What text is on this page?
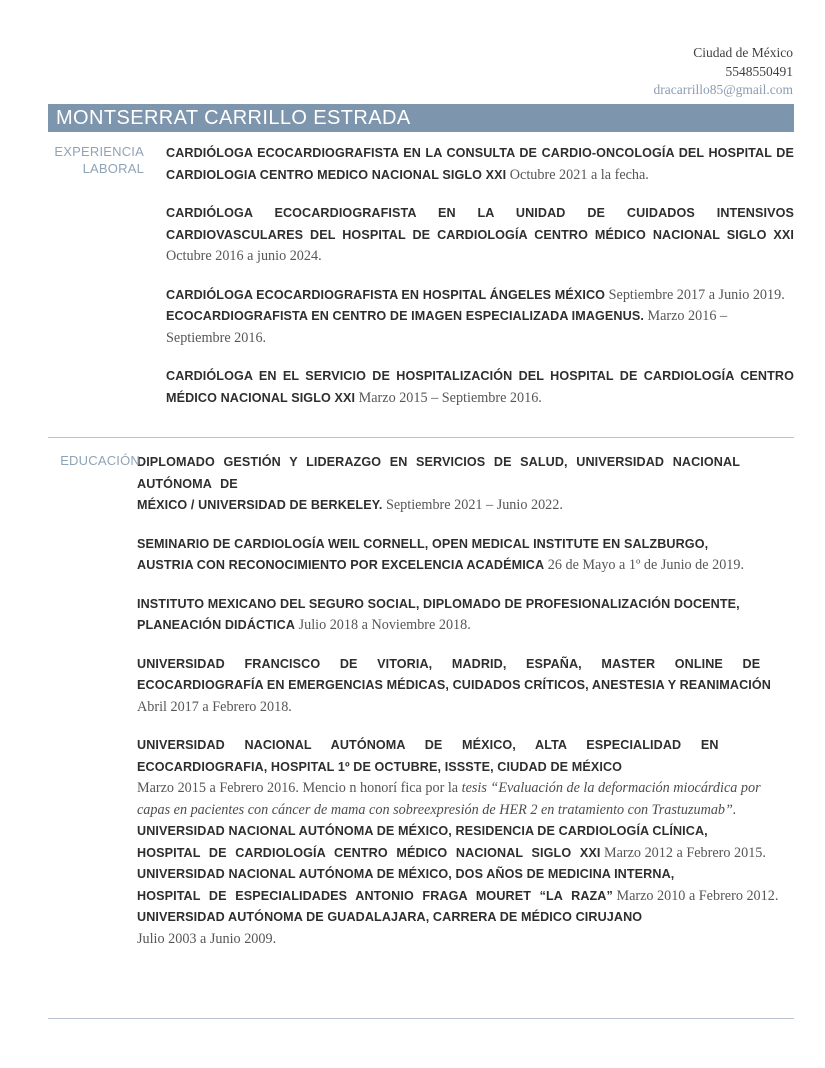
Ciudad de México
5548550491
dracarrillo85@gmail.com
MONTSERRAT CARRILLO ESTRADA
EXPERIENCIA LABORAL

CARDIÓLOGA ECOCARDIOGRAFISTA EN LA CONSULTA DE CARDIO-ONCOLOGÍA DEL HOSPITAL DE CARDIOLOGIA CENTRO MEDICO NACIONAL SIGLO XXI Octubre 2021 a la fecha.

CARDIÓLOGA ECOCARDIOGRAFISTA EN LA UNIDAD DE CUIDADOS INTENSIVOS CARDIOVASCULARES DEL HOSPITAL DE CARDIOLOGÍA CENTRO MÉDICO NACIONAL SIGLO XXI Octubre 2016 a junio 2024.

CARDIÓLOGA ECOCARDIOGRAFISTA EN HOSPITAL ÁNGELES MÉXICO Septiembre 2017 a Junio 2019.

ECOCARDIOGRAFISTA EN CENTRO DE IMAGEN ESPECIALIZADA IMAGENUS. Marzo 2016 – Septiembre 2016.

CARDIÓLOGA EN EL SERVICIO DE HOSPITALIZACIÓN DEL HOSPITAL DE CARDIOLOGÍA CENTRO MÉDICO NACIONAL SIGLO XXI Marzo 2015 – Septiembre 2016.

EDUCACIÓN

DIPLOMADO GESTIÓN Y LIDERAZGO EN SERVICIOS DE SALUD, UNIVERSIDAD NACIONAL AUTÓNOMA DE
MÉXICO / UNIVERSIDAD DE BERKELEY. Septiembre 2021 – Junio 2022.

SEMINARIO DE CARDIOLOGÍA WEIL CORNELL, OPEN MEDICAL INSTITUTE EN SALZBURGO,
AUSTRIA CON RECONOCIMIENTO POR EXCELENCIA ACADÉMICA 26 de Mayo a 1º de Junio de 2019.

INSTITUTO MEXICANO DEL SEGURO SOCIAL, DIPLOMADO DE PROFESIONALIZACIÓN DOCENTE,
PLANEACIÓN DIDÁCTICA Julio 2018 a Noviembre 2018.

UNIVERSIDAD FRANCISCO DE VITORIA, MADRID, ESPAÑA, MASTER ONLINE DE
ECOCARDIOGRAFÍA EN EMERGENCIAS MÉDICAS, CUIDADOS CRÍTICOS, ANESTESIA Y REANIMACIÓN
Abril 2017 a Febrero 2018.

UNIVERSIDAD NACIONAL AUTÓNOMA DE MÉXICO, ALTA ESPECIALIDAD EN
ECOCARDIOGRAFIA, HOSPITAL 1º DE OCTUBRE, ISSSTE, CIUDAD DE MÉXICO
Marzo 2015 a Febrero 2016. Mencio n honorí fica por la tesis “Evaluación de la deformación miocárdica por capas en pacientes con cáncer de mama con sobreexpresión de HER 2 en tratamiento con Trastuzumab”.

UNIVERSIDAD NACIONAL AUTÓNOMA DE MÉXICO, RESIDENCIA DE CARDIOLOGÍA CLÍNICA,
HOSPITAL DE CARDIOLOGÍA CENTRO MÉDICO NACIONAL SIGLO XXI Marzo 2012 a Febrero 2015.

UNIVERSIDAD NACIONAL AUTÓNOMA DE MÉXICO, DOS AÑOS DE MEDICINA INTERNA,
HOSPITAL DE ESPECIALIDADES ANTONIO FRAGA MOURET “LA RAZA” Marzo 2010 a Febrero 2012.

UNIVERSIDAD AUTÓNOMA DE GUADALAJARA, CARRERA DE MÉDICO CIRUJANO
Julio 2003 a Junio 2009.
